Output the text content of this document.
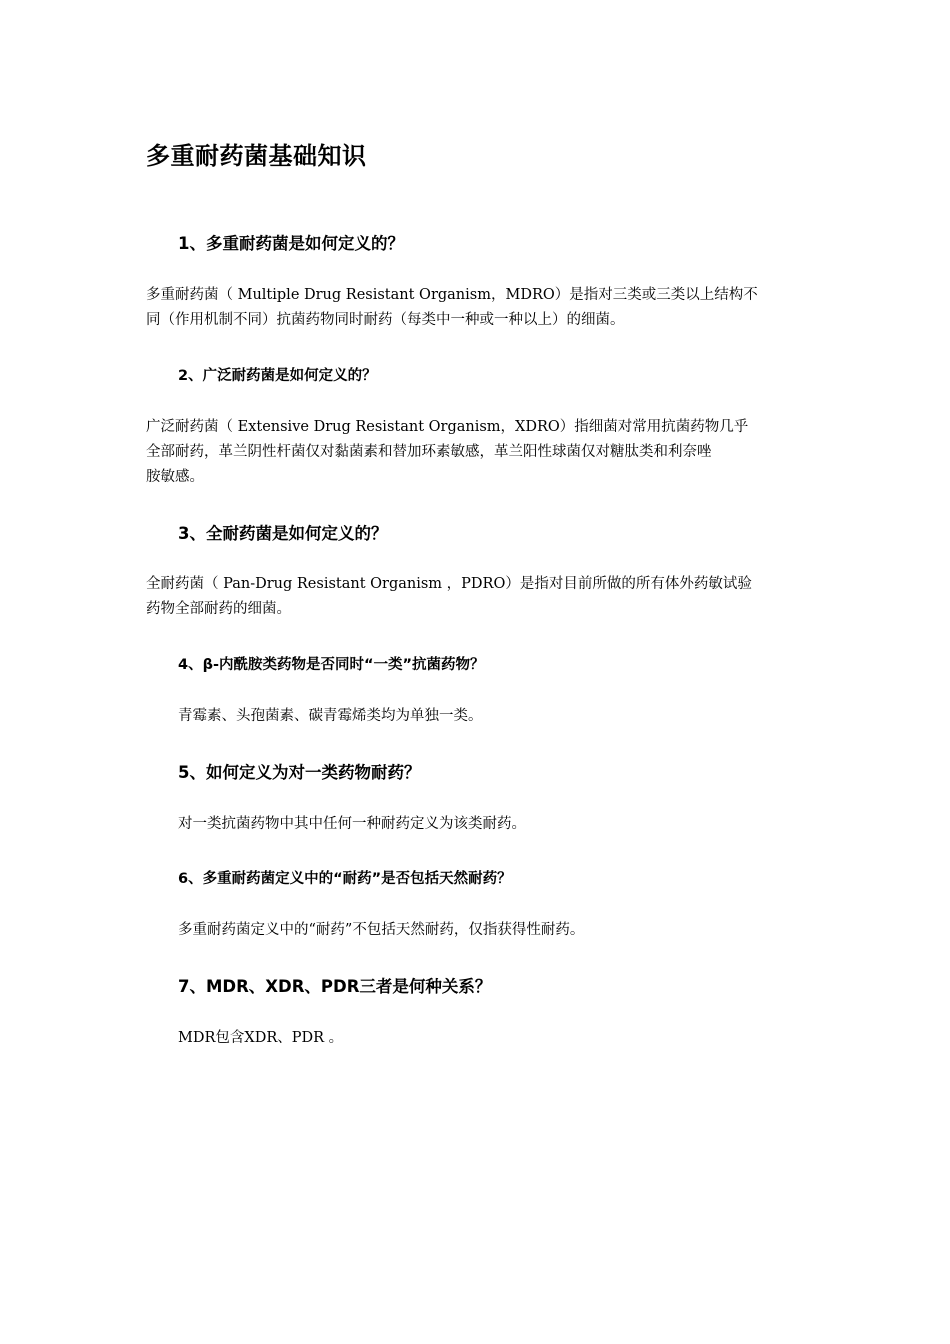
多重耐药菌基础知识
1、多重耐药菌是如何定义的？

多重耐药菌（ Multiple Drug Resistant Organism，MDRO）是指对三类或三类以上结构不

同（作用机制不同）抗菌药物同时耐药（每类中一种或一种以上）的细菌。

2、广泛耐药菌是如何定义的？

广泛耐药菌（ Extensive Drug Resistant Organism，XDRO）指细菌对常用抗菌药物几乎

全部耐药，革兰阴性杆菌仅对黏菌素和替加环素敏感，革兰阳性球菌仅对糖肽类和利奈唑

胺敏感。

3、全耐药菌是如何定义的？

全耐药菌（ Pan-Drug Resistant Organism ，PDRO）是指对目前所做的所有体外药敏试验

药物全部耐药的细菌。

4、β-内酰胺类药物是否同时“一类”抗菌药物？

青霉素、头孢菌素、碳青霉烯类均为单独一类。

5、如何定义为对一类药物耐药？

对一类抗菌药物中其中任何一种耐药定义为该类耐药。

6、多重耐药菌定义中的“耐药”是否包括天然耐药？

多重耐药菌定义中的“耐药”不包括天然耐药，仅指获得性耐药。

7、MDR、XDR、PDR三者是何种关系？

MDR包含XDR、PDR 。
